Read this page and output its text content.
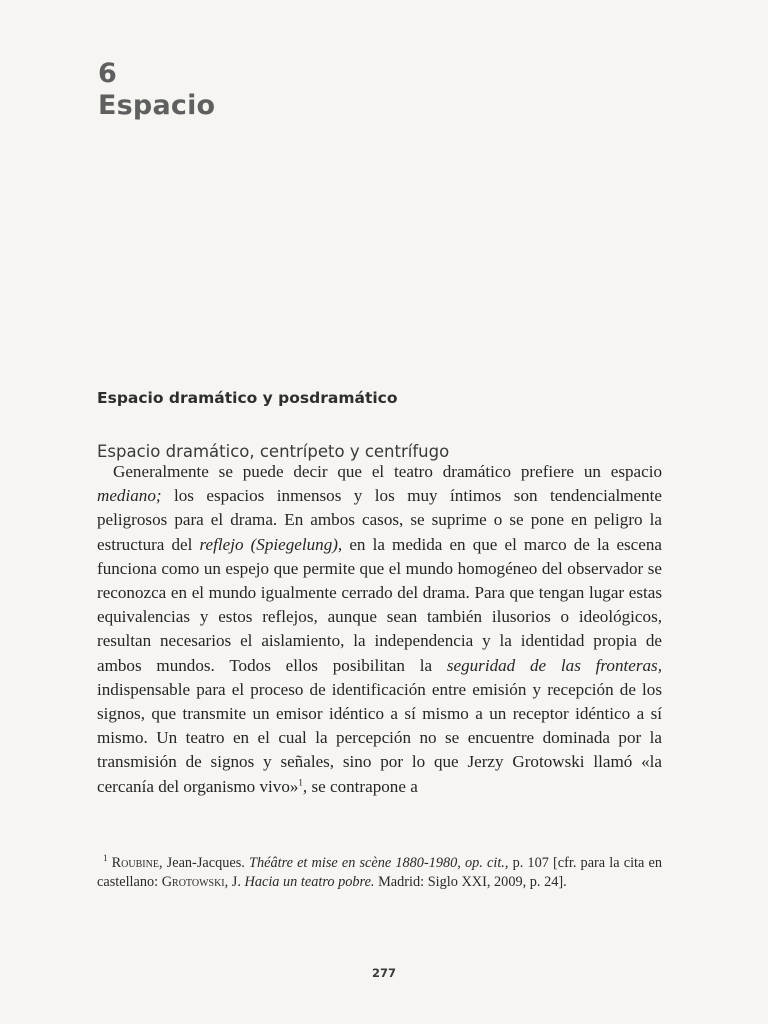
6
Espacio
Espacio dramático y posdramático
Espacio dramático, centrípeto y centrífugo

Generalmente se puede decir que el teatro dramático prefiere un espacio mediano; los espacios inmensos y los muy íntimos son tendencialmente peligrosos para el drama. En ambos casos, se suprime o se pone en peligro la estructura del reflejo (Spiegelung), en la medida en que el marco de la escena funciona como un espejo que permite que el mundo homogéneo del observador se reconozca en el mundo igualmente cerrado del drama. Para que tengan lugar estas equivalencias y estos reflejos, aunque sean también ilusorios o ideológicos, resultan necesarios el aislamiento, la independencia y la identidad propia de ambos mundos. Todos ellos posibilitan la seguridad de las fronteras, indispensable para el proceso de identificación entre emisión y recepción de los signos, que transmite un emisor idéntico a sí mismo a un receptor idéntico a sí mismo. Un teatro en el cual la percepción no se encuentre dominada por la transmisión de signos y señales, sino por lo que Jerzy Grotowski llamó «la cercanía del organismo vivo»$^1$, se contrapone a

$^1$ Roubine, Jean-Jacques. Théâtre et mise en scène 1880-1980, op. cit., p. 107 [cfr. para la cita en castellano: Grotowski, J. Hacia un teatro pobre. Madrid: Siglo XXI, 2009, p. 24].

277
